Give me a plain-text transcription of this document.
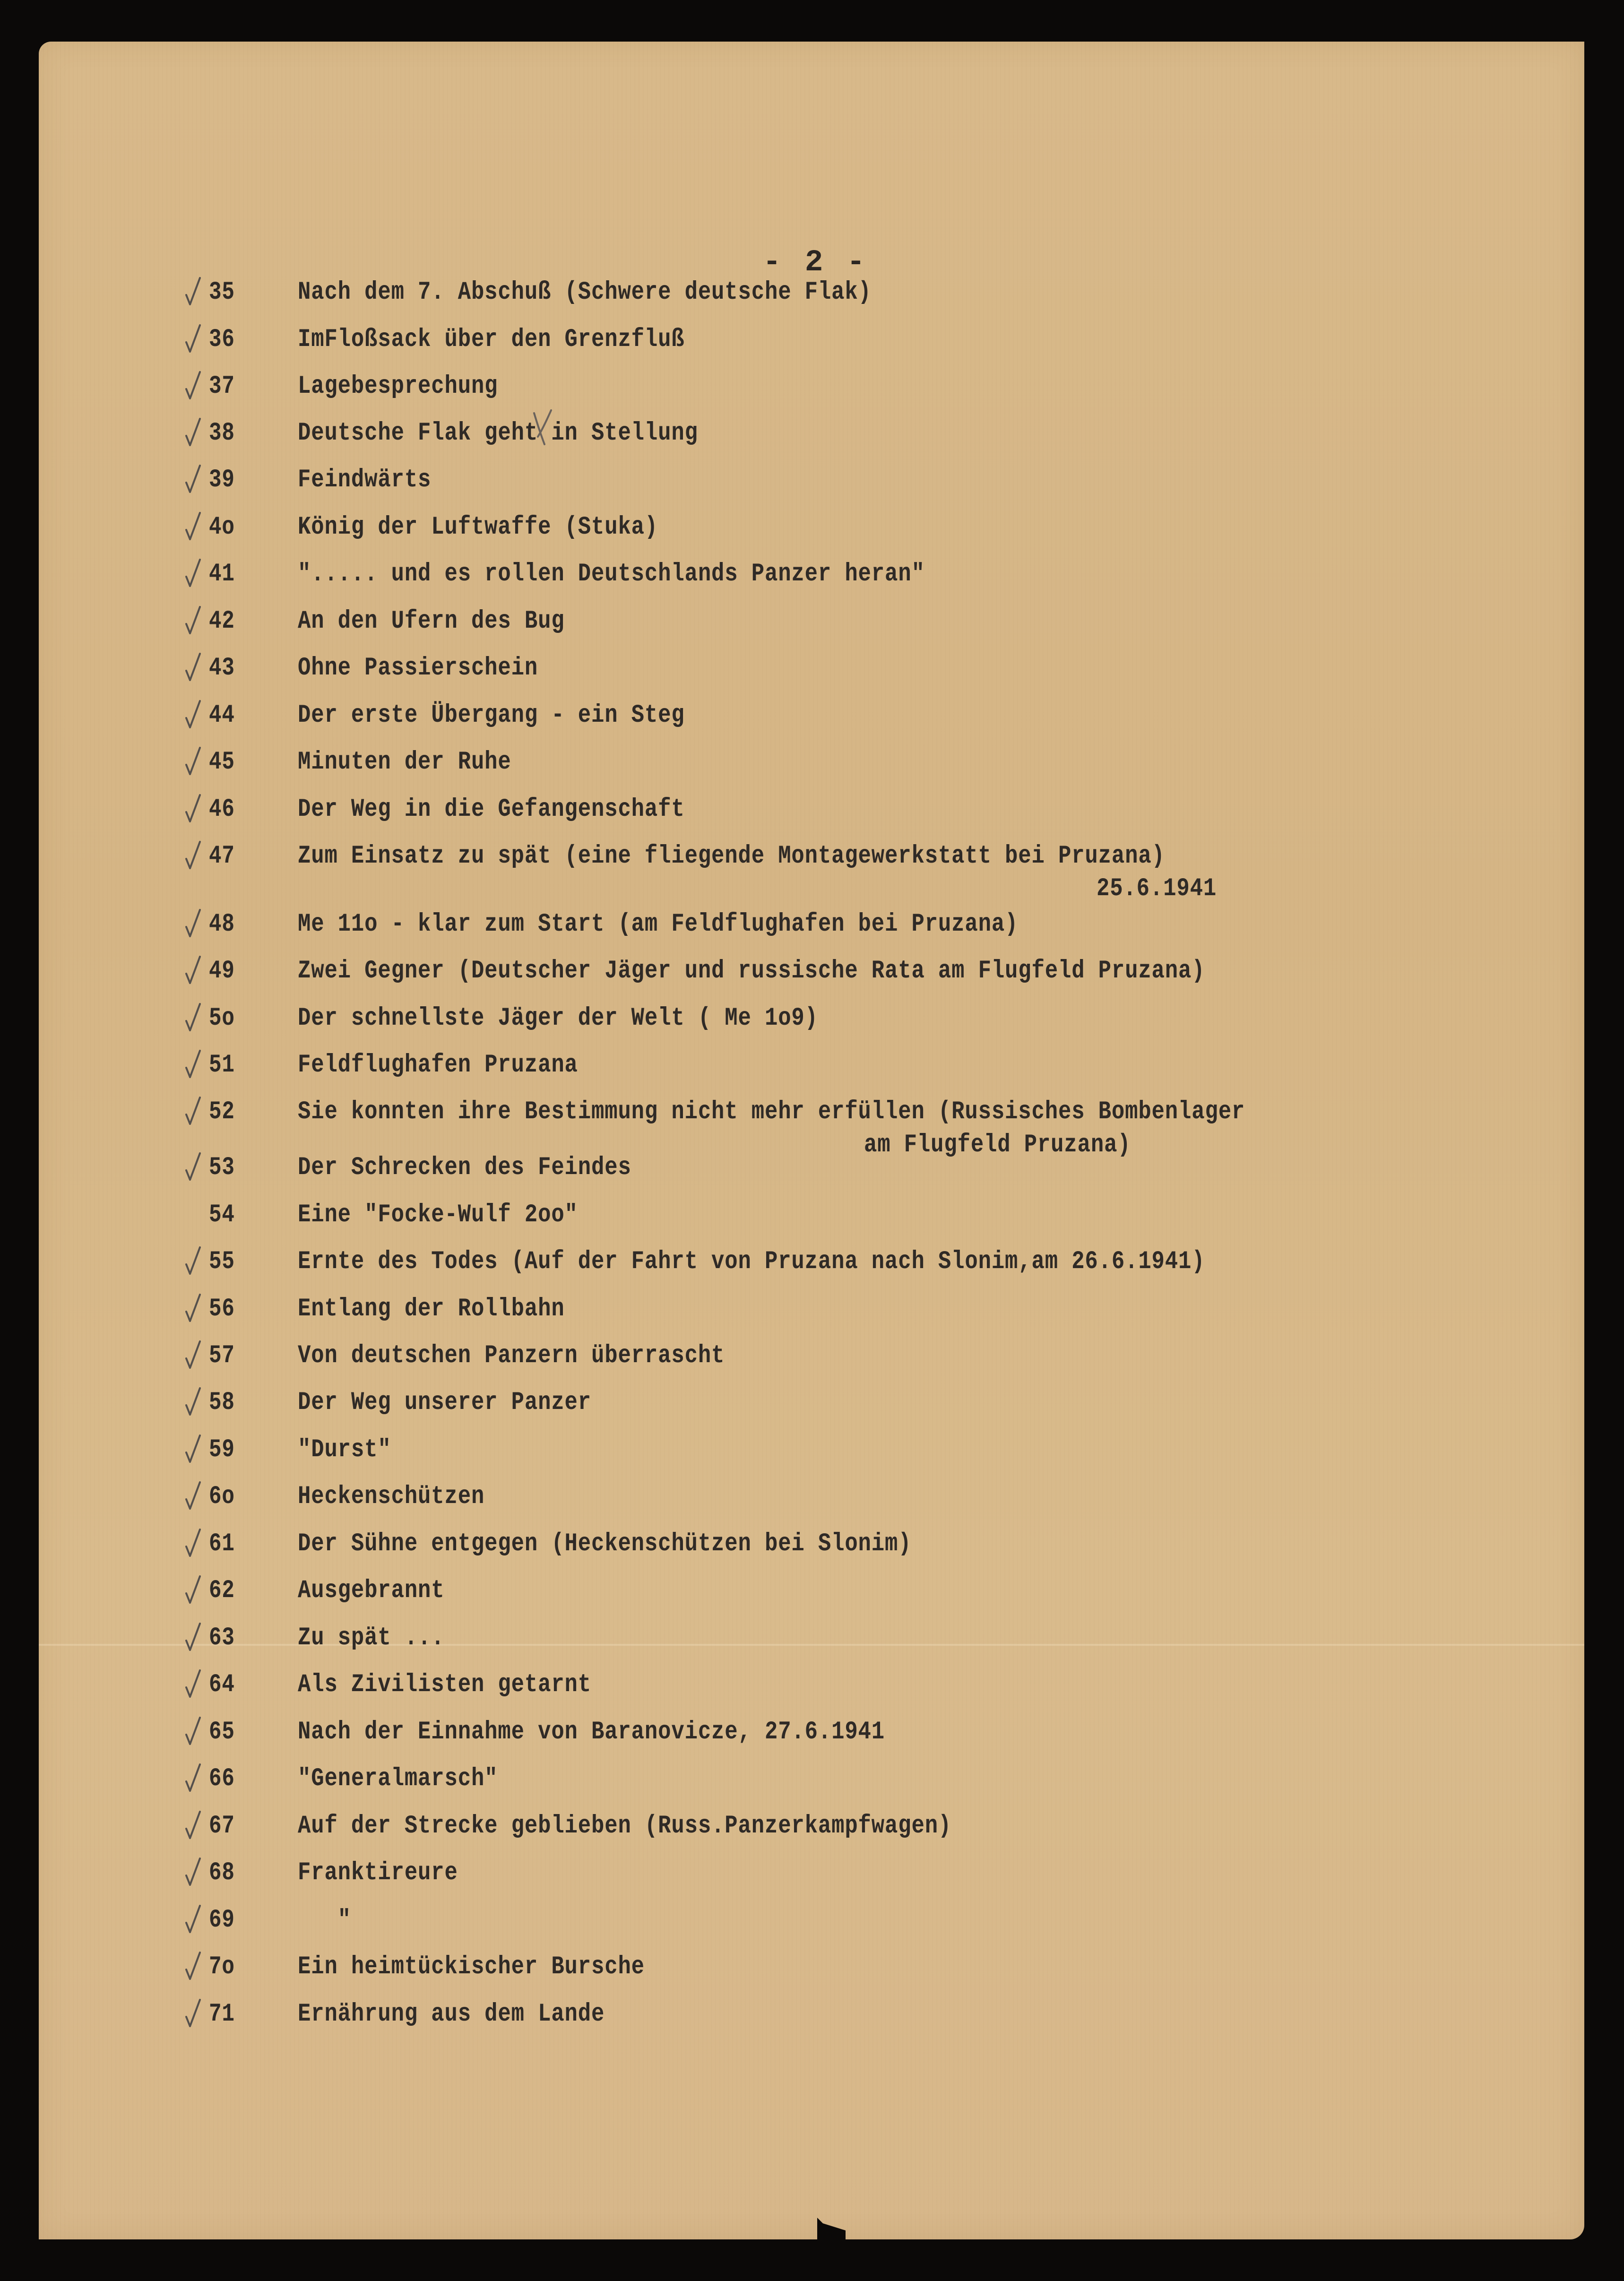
- 2 -
35 Nach dem 7. Abschuß (Schwere deutsche Flak)
36 ImFloßsack über den Grenzfluß
37 Lagebesprechung
38 Deutsche Flak geht in Stellung
39 Feindwärts
4o König der Luftwaffe (Stuka)
41 "..... und es rollen Deutschlands Panzer heran"
42 An den Ufern des Bug
43 Ohne Passierschein
44 Der erste Übergang - ein Steg
45 Minuten der Ruhe
46 Der Weg in die Gefangenschaft
47 Zum Einsatz zu spät (eine fliegende Montagewerkstatt bei Pruzana)
25.6.1941
48 Me 11o - klar zum Start (am Feldflughafen bei Pruzana)
49 Zwei Gegner (Deutscher Jäger und russische Rata am Flugfeld Pruzana)
5o Der schnellste Jäger der Welt ( Me 1o9)
51 Feldflughafen Pruzana
52 Sie konnten ihre Bestimmung nicht mehr erfüllen (Russisches Bombenlager
am Flugfeld Pruzana)
53 Der Schrecken des Feindes
54 Eine "Focke-Wulf 2oo"
55 Ernte des Todes (Auf der Fahrt von Pruzana nach Slonim,am 26.6.1941)
56 Entlang der Rollbahn
57 Von deutschen Panzern überrascht
58 Der Weg unserer Panzer
59 "Durst"
6o Heckenschützen
61 Der Sühne entgegen (Heckenschützen bei Slonim)
62 Ausgebrannt
63 Zu spät ...
64 Als Zivilisten getarnt
65 Nach der Einnahme von Baranovicze, 27.6.1941
66 "Generalmarsch"
67 Auf der Strecke geblieben (Russ.Panzerkampfwagen)
68 Franktireure
69 "
7o Ein heimtückischer Bursche
71 Ernährung aus dem Lande
